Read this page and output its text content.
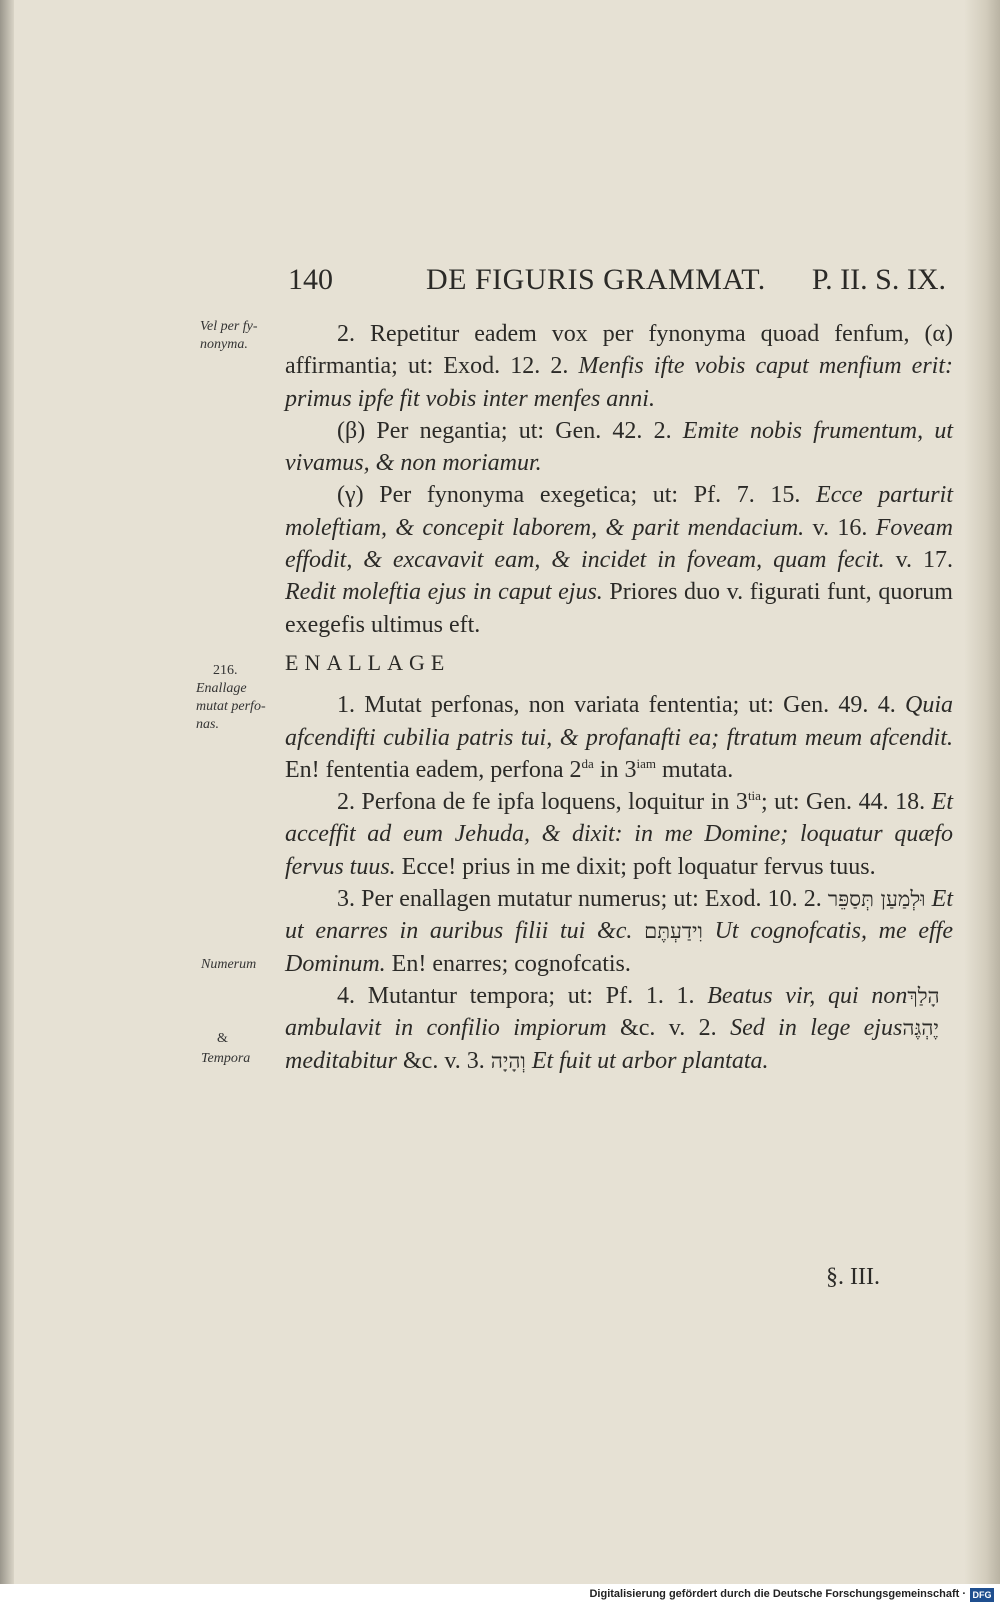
140	DE FIGURIS GRAMMAT. P. II. S. IX.
Vel per fy-
nonyma.
216.
Enallage
mutat perfo-
nas.
Numerum
&
Tempora

2. Repetitur eadem vox per fynonyma quoad fenfum, (α) affirmantia; ut: Exod. 12. 2. Menfis ifte vobis caput menfium erit: primus ipfe fit vobis inter menfes anni.

(β) Per negantia; ut: Gen. 42. 2. Emite nobis frumentum, ut vivamus, & non moriamur.

(γ) Per fynonyma exegetica; ut: Pf. 7. 15. Ecce parturit moleftiam, & concepit laborem, & parit mendacium. v. 16. Foveam effodit, & excavavit eam, & incidet in foveam, quam fecit. v. 17. Redit moleftia ejus in caput ejus. Priores duo v. figurati funt, quorum exegefis ultimus eft.

ENALLAGE

1. Mutat perfonas, non variata fententia; ut: Gen. 49. 4. Quia afcendifti cubilia patris tui, & profanafti ea; ftratum meum afcendit. En! fententia eadem, perfona $2^{da}$ in $3^{iam}$ mutata.

2. Perfona de fe ipfa loquens, loquitur in $3^{tia}$; ut: Gen. 44. 18. Et acceffit ad eum Jehuda, & dixit: in me Domine; loquatur quæfo fervus tuus. Ecce! prius in me dixit; poft loquatur fervus tuus.

3. Per enallagen mutatur numerus; ut: Exod. 10. 2. וּלְמַעַן תְּסַפֵּר Et ut enarres in auribus filii tui &c. וִידַעְתֶּם Ut cognofcatis, me effe Dominum. En! enarres; cognofcatis.

4. Mutantur tempora; ut: Pf. 1. 1. Beatus vir, qui non הָלַךְ ambulavit in confilio impiorum &c. v. 2. Sed in lege ejus יֶהְגֶּה meditabitur &c. v. 3. וְהָיָה Et fuit ut arbor plantata.

§. III.
Digitalisierung gefördert durch die Deutsche Forschungsgemeinschaft · DFG
